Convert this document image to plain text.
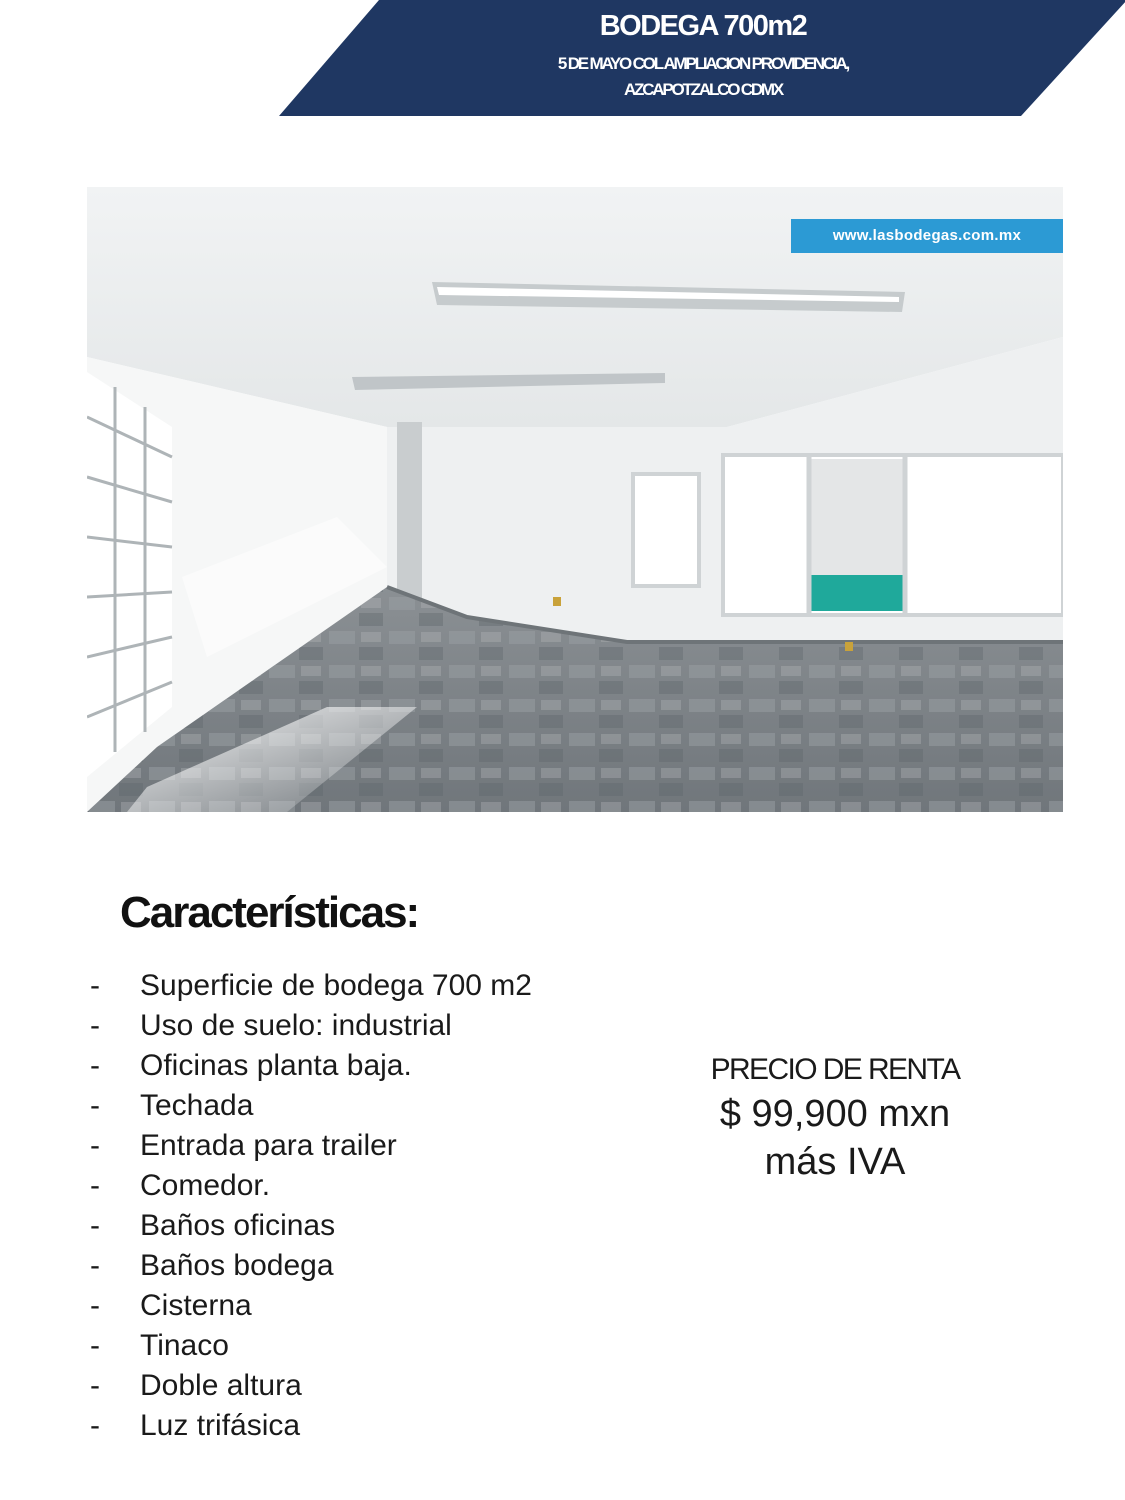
BODEGA 700m2
5 DE MAYO COL AMPLIACION PROVIDENCIA,
AZCAPOTZALCO CDMX
www.lasbodegas.com.mx
Características:
- Superficie de bodega 700 m2
- Uso de suelo: industrial
- Oficinas planta baja.
- Techada
- Entrada para trailer
- Comedor.
- Baños oficinas
- Baños bodega
- Cisterna
- Tinaco
- Doble altura
- Luz trifásica
PRECIO DE RENTA
$ 99,900 mxn
más IVA
